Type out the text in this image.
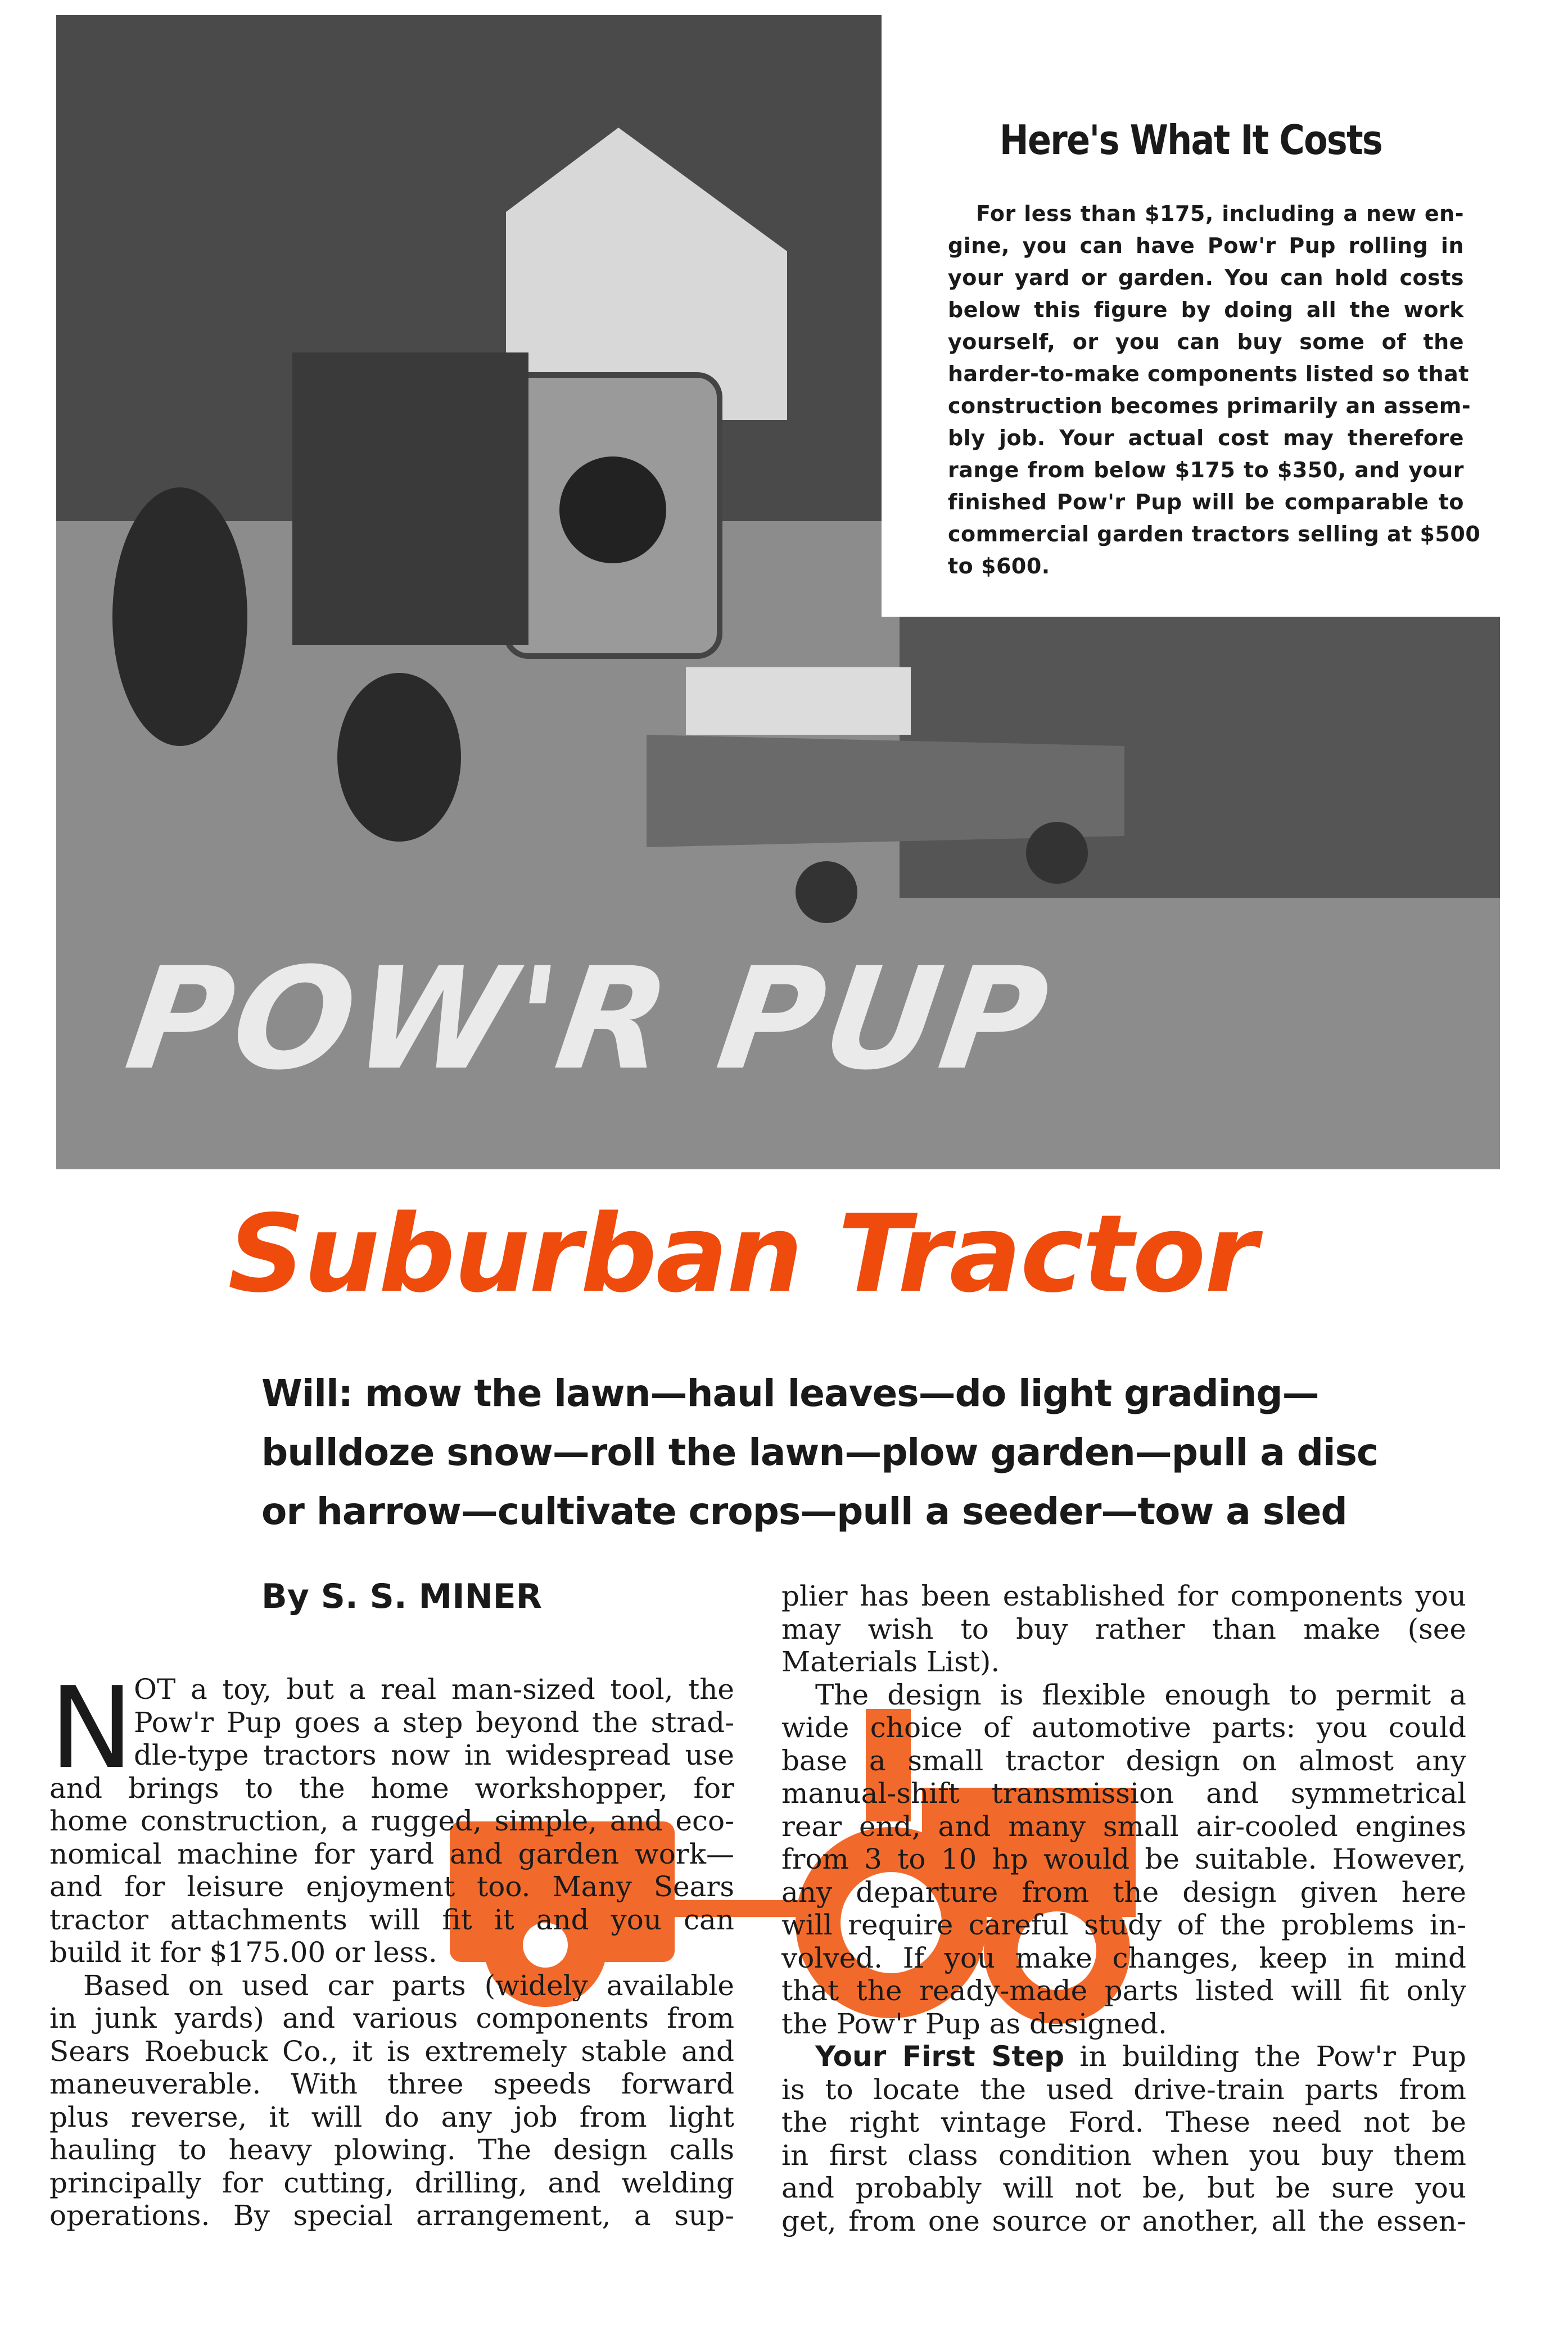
POW'R PUP
Here's What It Costs
For less than $175, including a new en-
gine, you can have Pow'r Pup rolling in
your yard or garden. You can hold costs
below this figure by doing all the work
yourself, or you can buy some of the
harder-to-make components listed so that
construction becomes primarily an assem-
bly job. Your actual cost may therefore
range from below $175 to $350, and your
finished Pow'r Pup will be comparable to
commercial garden tractors selling at $500
to $600.
Suburban Tractor
Will: mow the lawn—haul leaves—do light grading—
bulldoze snow—roll the lawn—plow garden—pull a disc
or harrow—cultivate crops—pull a seeder—tow a sled
By S. S. MINER
N OT a toy, but a real man-sized tool, the
Pow'r Pup goes a step beyond the strad-
dle-type tractors now in widespread use
and brings to the home workshopper, for
home construction, a rugged, simple, and eco-
nomical machine for yard and garden work—
and for leisure enjoyment too. Many Sears
tractor attachments will fit it and you can
build it for $175.00 or less.
Based on used car parts (widely available
in junk yards) and various components from
Sears Roebuck Co., it is extremely stable and
maneuverable. With three speeds forward
plus reverse, it will do any job from light
hauling to heavy plowing. The design calls
principally for cutting, drilling, and welding
operations. By special arrangement, a sup-
plier has been established for components you
may wish to buy rather than make (see
Materials List).
The design is flexible enough to permit a
wide choice of automotive parts: you could
base a small tractor design on almost any
manual-shift transmission and symmetrical
rear end, and many small air-cooled engines
from 3 to 10 hp would be suitable. However,
any departure from the design given here
will require careful study of the problems in-
volved. If you make changes, keep in mind
that the ready-made parts listed will fit only
the Pow'r Pup as designed.
Your First Step in building the Pow'r Pup
is to locate the used drive-train parts from
the right vintage Ford. These need not be
in first class condition when you buy them
and probably will not be, but be sure you
get, from one source or another, all the essen-
